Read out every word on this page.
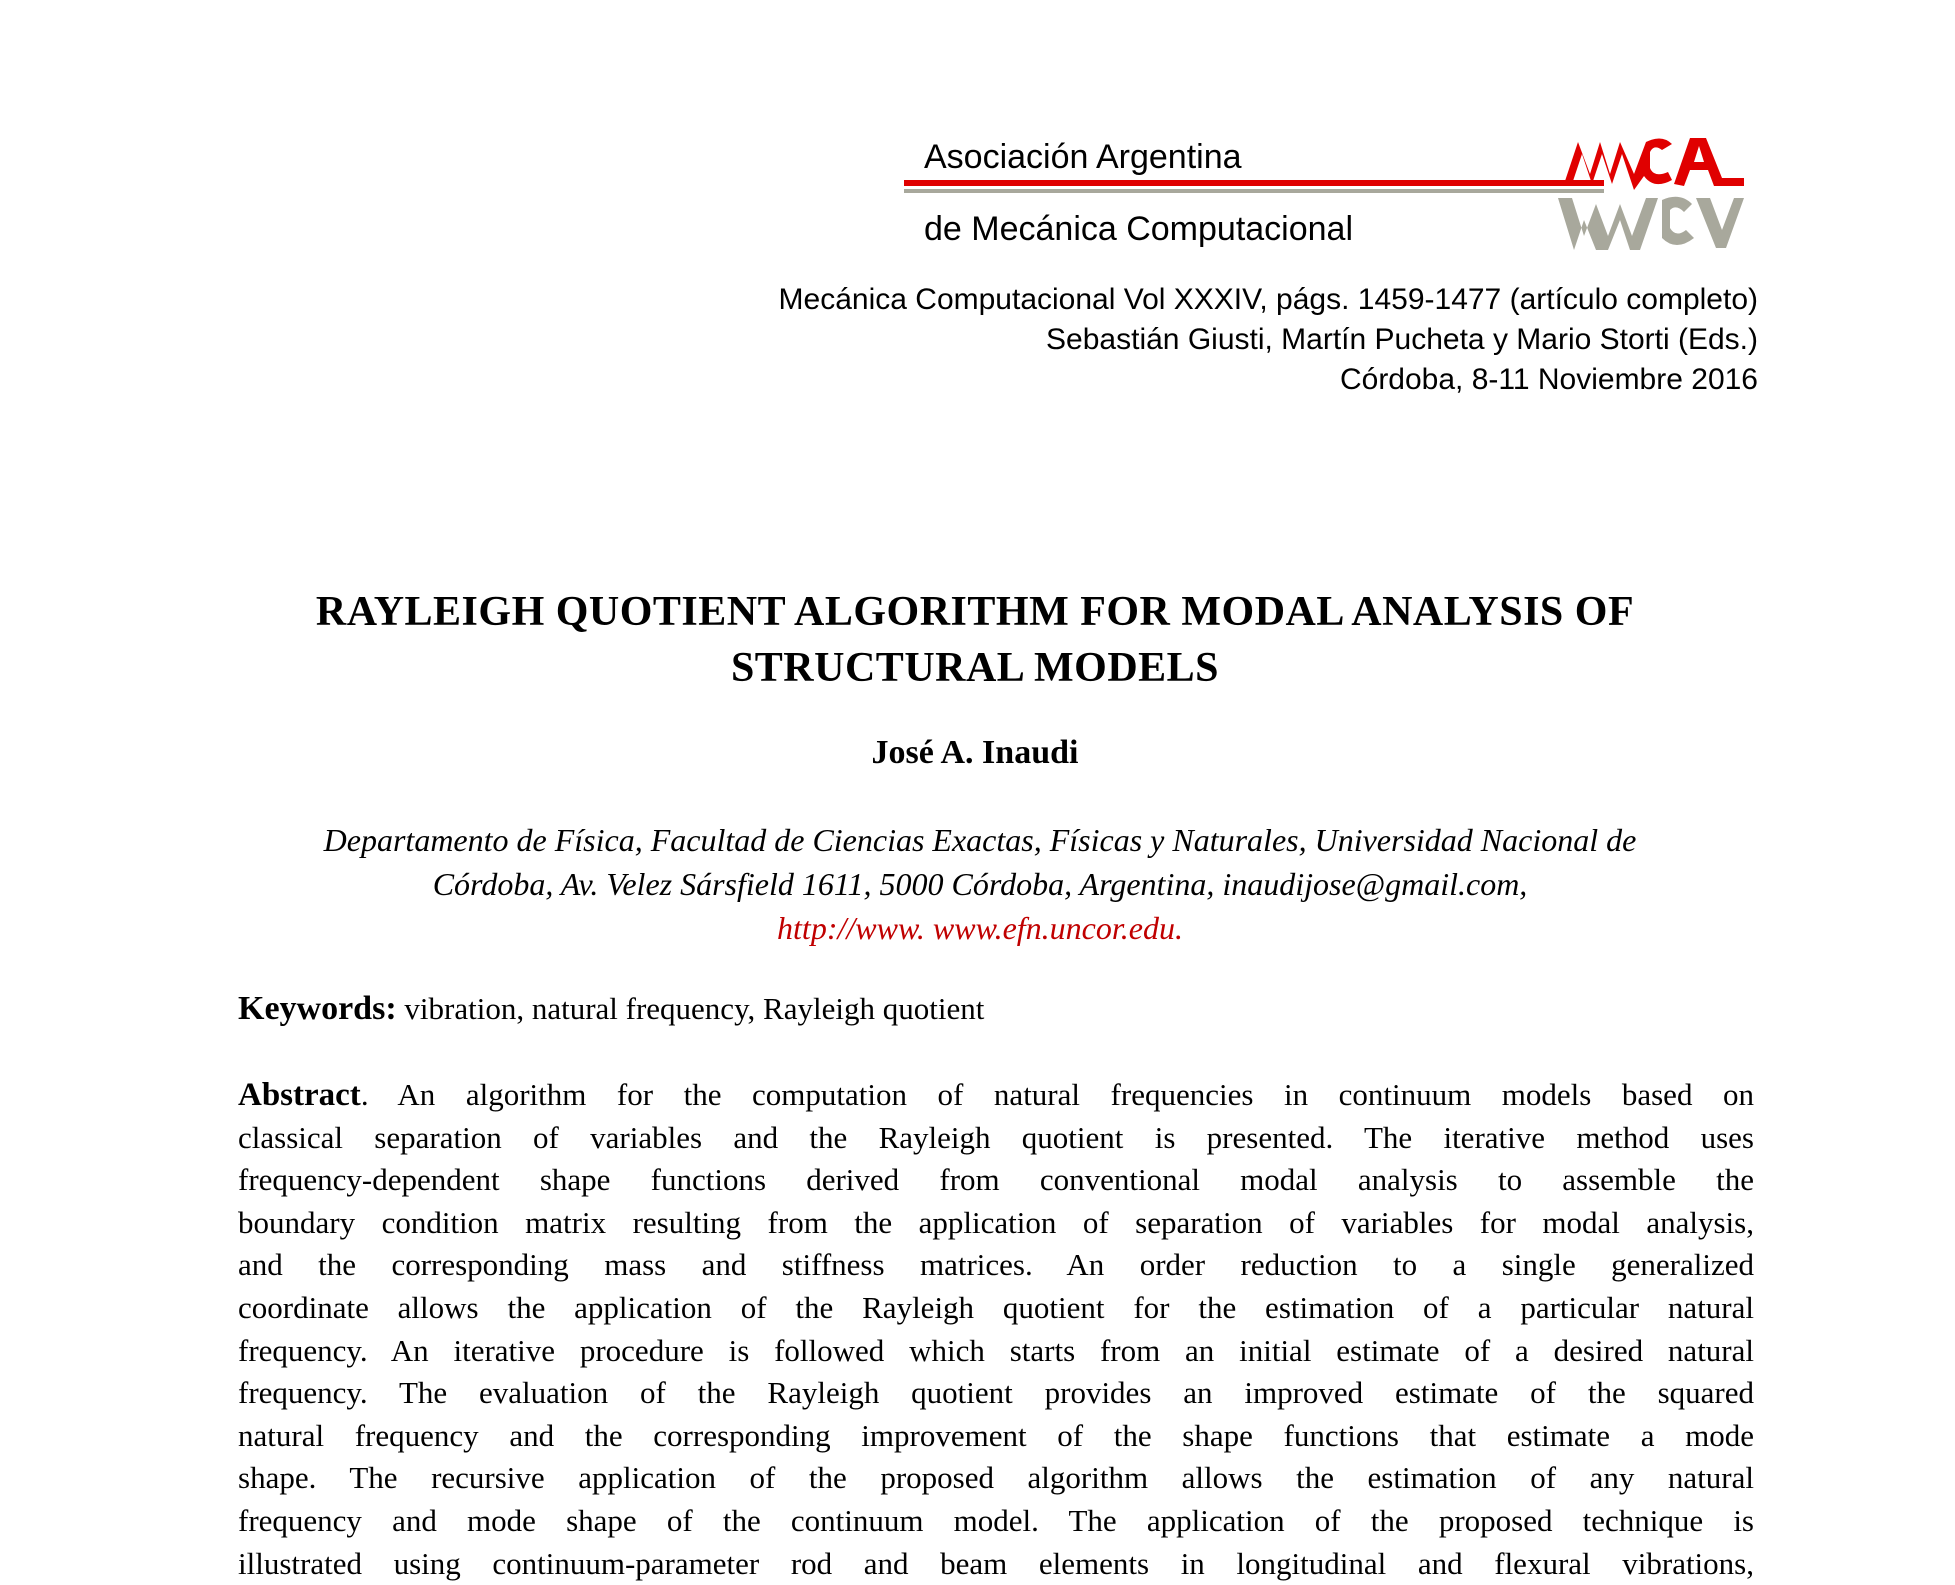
Asociación Argentina
de Mecánica Computacional
Mecánica Computacional Vol XXXIV, págs. 1459-1477 (artículo completo)
Sebastián Giusti, Martín Pucheta y Mario Storti (Eds.)
Córdoba, 8-11 Noviembre 2016
RAYLEIGH QUOTIENT ALGORITHM FOR MODAL ANALYSIS OF
STRUCTURAL MODELS
José A. Inaudi
Departamento de Física, Facultad de Ciencias Exactas, Físicas y Naturales, Universidad Nacional de
Córdoba, Av. Velez Sársfield 1611, 5000 Córdoba, Argentina, inaudijose@gmail.com,
http://www. www.efn.uncor.edu.
Keywords: vibration, natural frequency, Rayleigh quotient
Abstract. An algorithm for the computation of natural frequencies in continuum models based on
classical separation of variables and the Rayleigh quotient is presented. The iterative method uses
frequency-dependent shape functions derived from conventional modal analysis to assemble the
boundary condition matrix resulting from the application of separation of variables for modal analysis,
and the corresponding mass and stiffness matrices. An order reduction to a single generalized
coordinate allows the application of the Rayleigh quotient for the estimation of a particular natural
frequency. An iterative procedure is followed which starts from an initial estimate of a desired natural
frequency. The evaluation of the Rayleigh quotient provides an improved estimate of the squared
natural frequency and the corresponding improvement of the shape functions that estimate a mode
shape. The recursive application of the proposed algorithm allows the estimation of any natural
frequency and mode shape of the continuum model. The application of the proposed technique is
illustrated using continuum-parameter rod and beam elements in longitudinal and flexural vibrations,
